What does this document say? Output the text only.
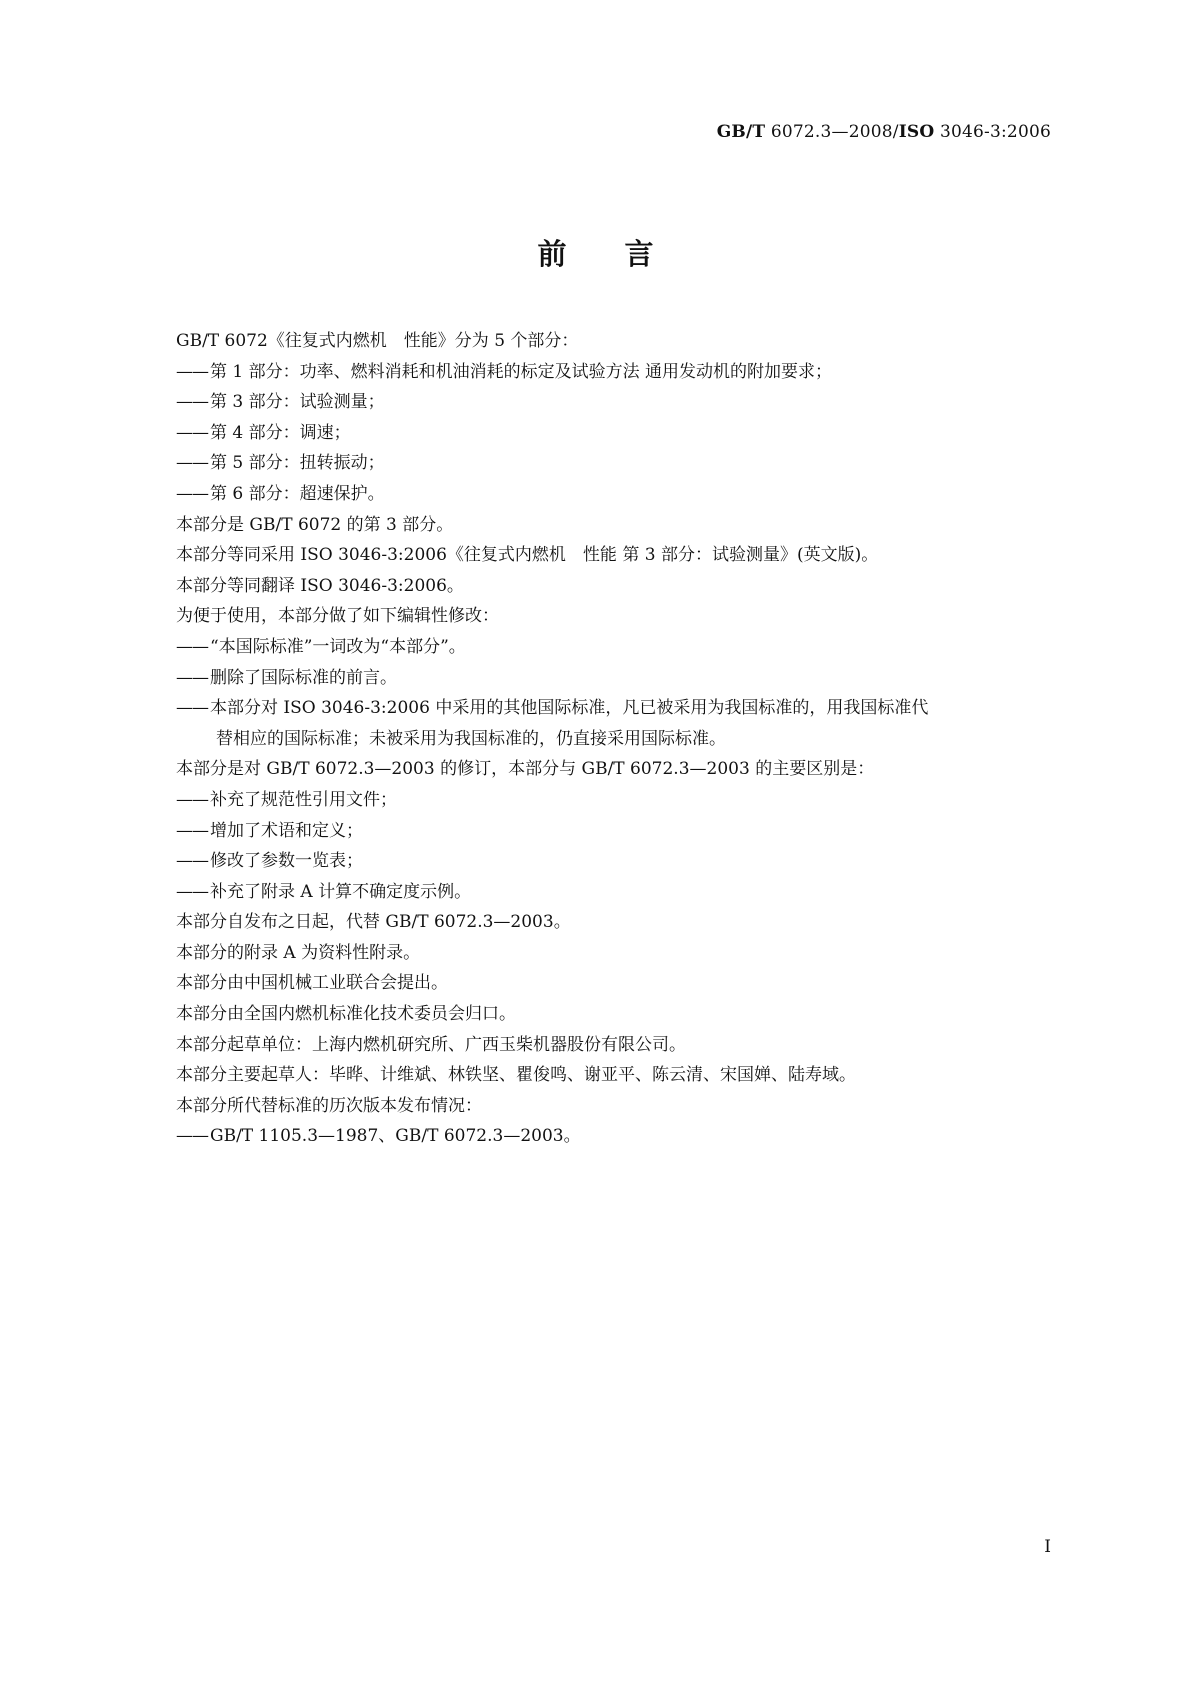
GB/T 6072.3—2008/ISO 3046-3:2006
前言
GB/T 6072《往复式内燃机　性能》分为 5 个部分：
—— 第 1 部分：功率、燃料消耗和机油消耗的标定及试验方法 通用发动机的附加要求；
—— 第 3 部分：试验测量；
—— 第 4 部分：调速；
—— 第 5 部分：扭转振动；
—— 第 6 部分：超速保护。
本部分是 GB/T 6072 的第 3 部分。
本部分等同采用 ISO 3046-3:2006《往复式内燃机　性能 第 3 部分：试验测量》(英文版)。
本部分等同翻译 ISO 3046-3:2006。
为便于使用，本部分做了如下编辑性修改：
—— “本国际标准”一词改为“本部分”。
—— 删除了国际标准的前言。
—— 本部分对 ISO 3046-3:2006 中采用的其他国际标准，凡已被采用为我国标准的，用我国标准代
替相应的国际标准；未被采用为我国标准的，仍直接采用国际标准。
本部分是对 GB/T 6072.3—2003 的修订，本部分与 GB/T 6072.3—2003 的主要区别是：
—— 补充了规范性引用文件；
—— 增加了术语和定义；
—— 修改了参数一览表；
—— 补充了附录 A 计算不确定度示例。
本部分自发布之日起，代替 GB/T 6072.3—2003。
本部分的附录 A 为资料性附录。
本部分由中国机械工业联合会提出。
本部分由全国内燃机标准化技术委员会归口。
本部分起草单位：上海内燃机研究所、广西玉柴机器股份有限公司。
本部分主要起草人：毕晔、计维斌、林铁坚、瞿俊鸣、谢亚平、陈云清、宋国婵、陆寿域。
本部分所代替标准的历次版本发布情况：
—— GB/T 1105.3—1987、GB/T 6072.3—2003。
I
